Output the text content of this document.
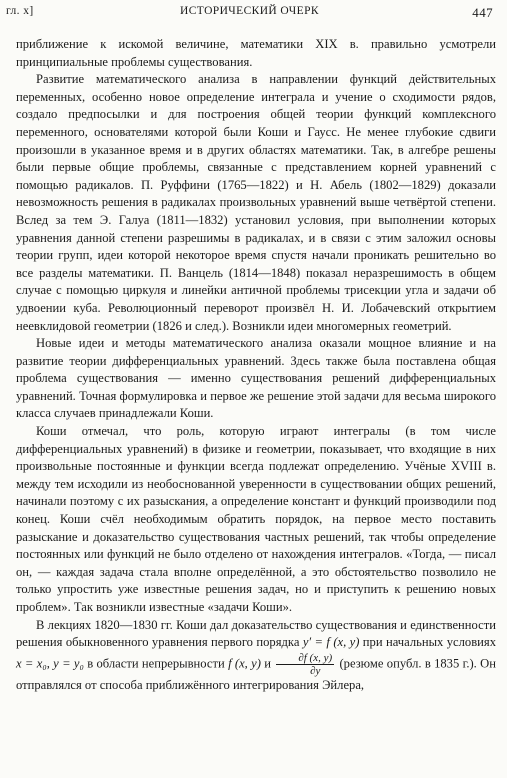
гл. х]	ИСТОРИЧЕСКИЙ ОЧЕРК	447

приближение к искомой величине, математики XIX в. правильно усмотрели принципиальные проблемы существования.

Развитие математического анализа в направлении функций действительных переменных, особенно новое определение интеграла и учение о сходимости рядов, создало предпосылки и для построения общей теории функций комплексного переменного, основателями которой были Коши и Гаусс. Не менее глубокие сдвиги произошли в указанное время и в других областях математики. Так, в алгебре решены были первые общие проблемы, связанные с представлением корней уравнений с помощью радикалов. П. Руффини (1765—1822) и Н. Абель (1802—1829) доказали невозможность решения в радикалах произвольных уравнений выше четвёртой степени. Вслед за тем Э. Галуа (1811—1832) установил условия, при выполнении которых уравнения данной степени разрешимы в радикалах, и в связи с этим заложил основы теории групп, идеи которой некоторое время спустя начали проникать решительно во все разделы математики. П. Ванцель (1814—1848) показал неразрешимость в общем случае с помощью циркуля и линейки античной проблемы трисекции угла и задачи об удвоении куба. Революционный переворот произвёл Н. И. Лобачевский открытием неевклидовой геометрии (1826 и след.). Возникли идеи многомерных геометрий.

Новые идеи и методы математического анализа оказали мощное влияние и на развитие теории дифференциальных уравнений. Здесь также была поставлена общая проблема существования — именно существования решений дифференциальных уравнений. Точная формулировка и первое же решение этой задачи для весьма широкого класса случаев принадлежали Коши.

Коши отмечал, что роль, которую играют интегралы (в том числе дифференциальных уравнений) в физике и геометрии, показывает, что входящие в них произвольные постоянные и функции всегда подлежат определению. Учёные XVIII в. между тем исходили из необоснованной уверенности в существовании общих решений, начинали поэтому с их разыскания, а определение констант и функций производили под конец. Коши счёл необходимым обратить порядок, на первое место поставить разыскание и доказательство существования частных решений, так чтобы определение постоянных или функций не было отделено от нахождения интегралов. «Тогда, — писал он, — каждая задача стала вполне определённой, а это обстоятельство позволило не только упростить уже известные решения задач, но и приступить к решению новых проблем». Так возникли известные «задачи Коши».

В лекциях 1820—1830 гг. Коши дал доказательство существования и единственности решения обыкновенного уравнения первого порядка y′ = f (x, y) при начальных условиях x = x₀, y = y₀ в области непрерывности f (x, y) и $\frac{\partial f (x, y)}{\partial y}$ (резюме опубл. в 1835 г.). Он отправлялся от способа приближённого интегрирования Эйлера,
